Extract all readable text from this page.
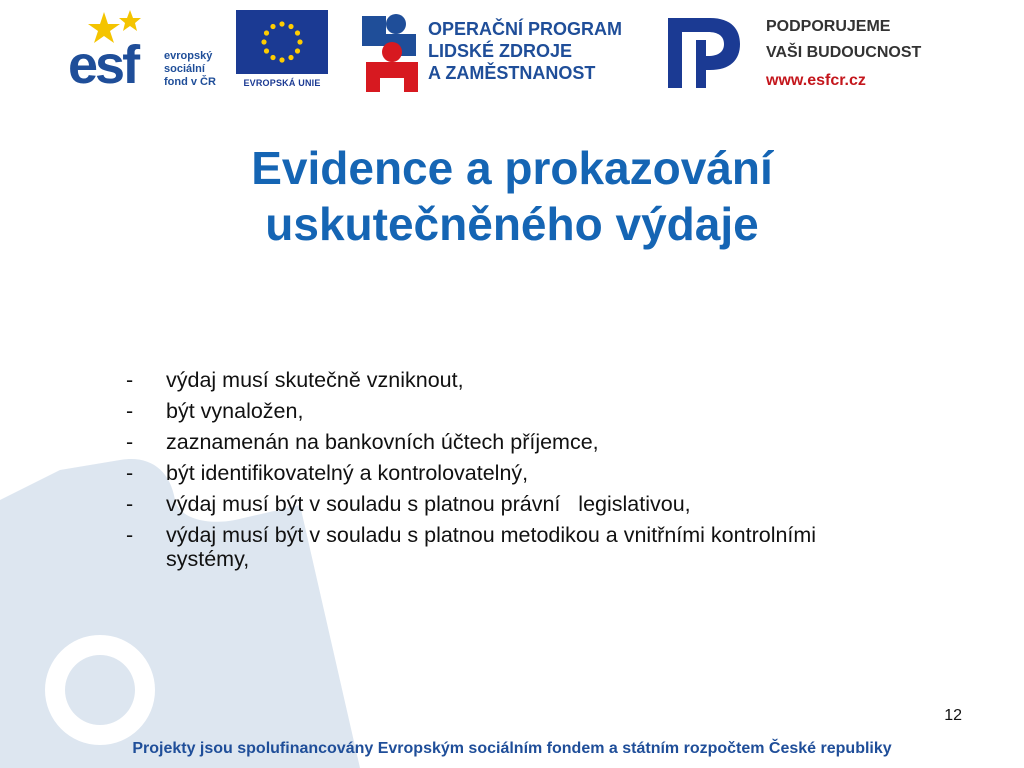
esf evropský
sociální
fond v ČR	EVROPSKÁ UNIE
OPERAČNÍ PROGRAM
LIDSKÉ ZDROJE
A ZAMĚSTNANOST
PODPORUJEME
VAŠI BUDOUCNOST
www.esfcr.cz
Evidence a prokazování
uskutečněného výdaje
- výdaj musí skutečně vzniknout,
- být vynaložen,
- zaznamenán na bankovních účtech příjemce,
- být identifikovatelný a kontrolovatelný,
- výdaj musí být v souladu s platnou právní   legislativou,
- výdaj musí být v souladu s platnou metodikou a vnitřními kontrolními systémy,
12
Projekty jsou spolufinancovány Evropským sociálním fondem a státním rozpočtem České republiky
